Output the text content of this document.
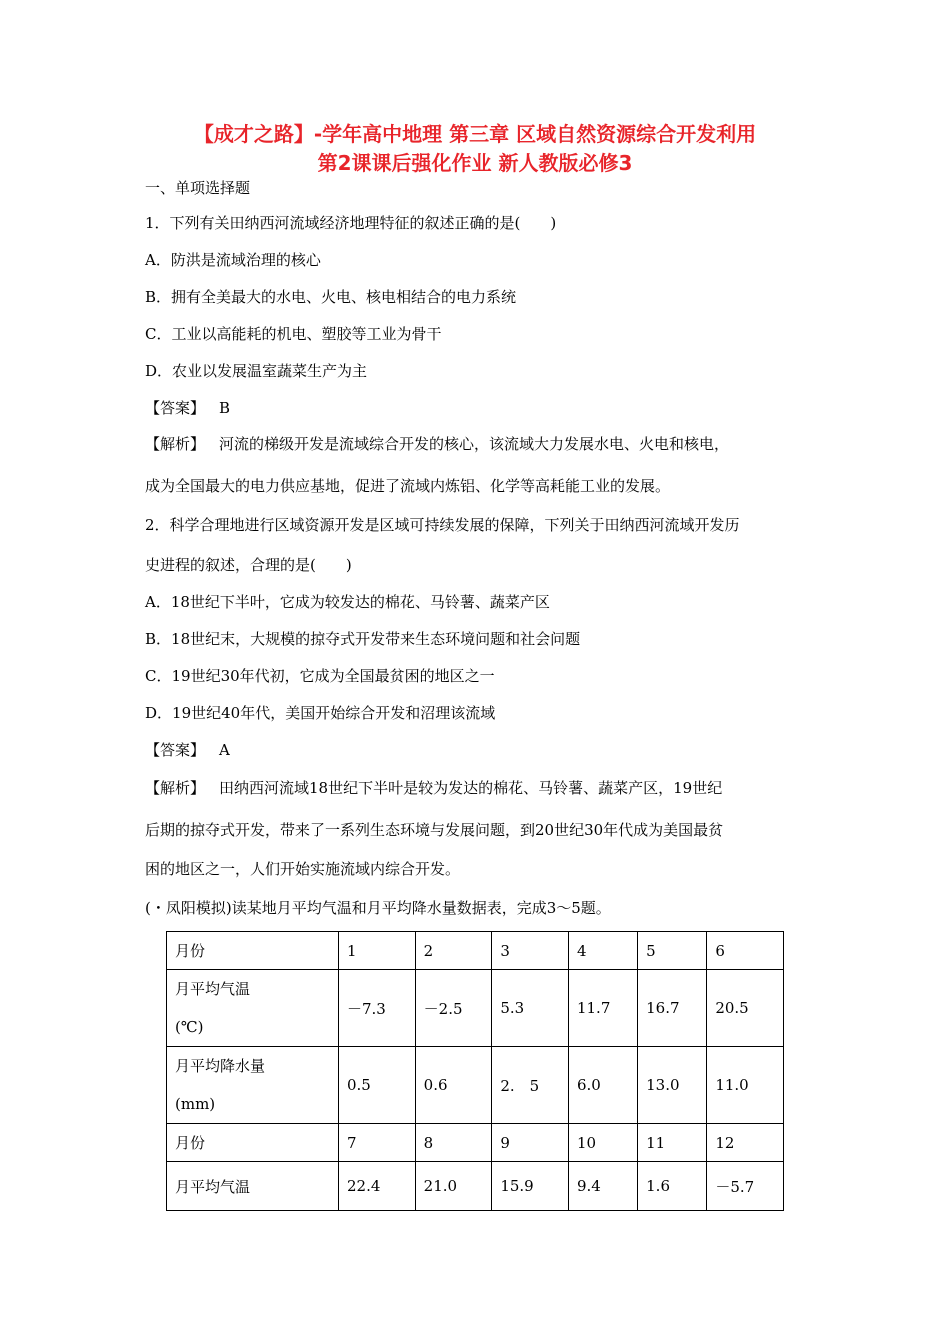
【成才之路】-学年高中地理 第三章 区域自然资源综合开发利用
第2课课后强化作业 新人教版必修3
一、单项选择题
1．下列有关田纳西河流域经济地理特征的叙述正确的是(　　)
A．防洪是流域治理的核心
B．拥有全美最大的水电、火电、核电相结合的电力系统
C．工业以高能耗的机电、塑胶等工业为骨干
D．农业以发展温室蔬菜生产为主
【答案】 B
【解析】 河流的梯级开发是流域综合开发的核心，该流域大力发展水电、火电和核电，
成为全国最大的电力供应基地，促进了流域内炼铝、化学等高耗能工业的发展。
2．科学合理地进行区域资源开发是区域可持续发展的保障，下列关于田纳西河流域开发历
史进程的叙述，合理的是(　　)
A．18世纪下半叶，它成为较发达的棉花、马铃薯、蔬菜产区
B．18世纪末，大规模的掠夺式开发带来生态环境问题和社会问题
C．19世纪30年代初，它成为全国最贫困的地区之一
D．19世纪40年代，美国开始综合开发和沼理该流域
【答案】 A
【解析】 田纳西河流域18世纪下半叶是较为发达的棉花、马铃薯、蔬菜产区，19世纪
后期的掠夺式开发，带来了一系列生态环境与发展问题，到20世纪30年代成为美国最贫
困的地区之一，人们开始实施流域内综合开发。
(・凤阳模拟)读某地月平均气温和月平均降水量数据表，完成3～5题。
月份	1	2	3	4	5	6

月平均气温
(℃)	－7.3	－2.5	5.3	11.7	16.7	20.5

月平均降水量
(mm)	0.5	0.6	2.　5	6.0	13.0	11.0
月份	7	8	9	10	11	12
月平均气温	22.4	21.0	15.9	9.4	1.6	－5.7
